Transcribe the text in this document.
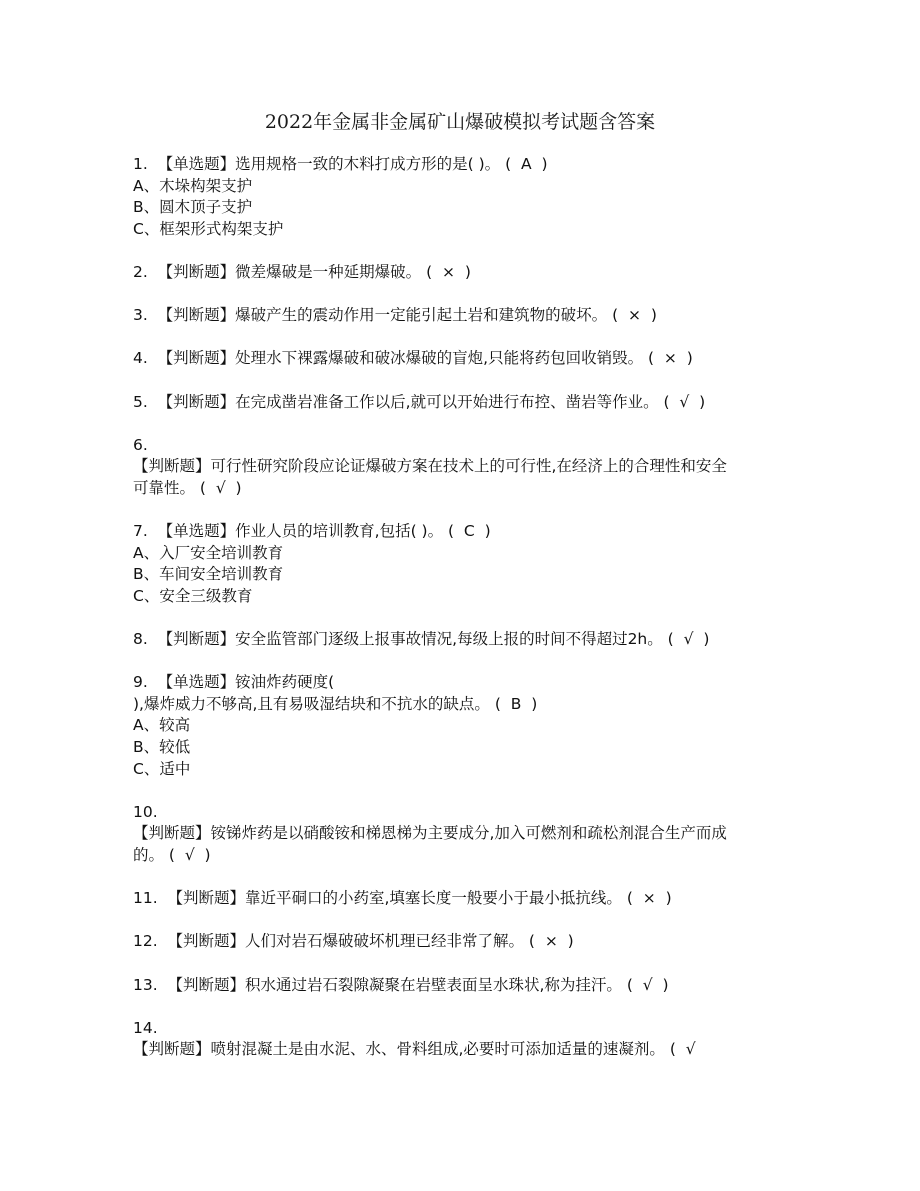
2022年金属非金属矿山爆破模拟考试题含答案
1.  【单选题】选用规格一致的木料打成方形的是( )。 (  A  )
A、木垛构架支护
B、圆木顶子支护
C、框架形式构架支护
2.  【判断题】微差爆破是一种延期爆破。 (  ×  )
3.  【判断题】爆破产生的震动作用一定能引起土岩和建筑物的破坏。 (  ×  )
4.  【判断题】处理水下裸露爆破和破冰爆破的盲炮,只能将药包回收销毁。 (  ×  )
5.  【判断题】在完成凿岩准备工作以后,就可以开始进行布控、凿岩等作业。 (  √  )
6.
【判断题】可行性研究阶段应论证爆破方案在技术上的可行性,在经济上的合理性和安全
可靠性。 (  √  )
7.  【单选题】作业人员的培训教育,包括( )。 (  C  )
A、入厂安全培训教育
B、车间安全培训教育
C、安全三级教育
8.  【判断题】安全监管部门逐级上报事故情况,每级上报的时间不得超过2h。 (  √  )
9.  【单选题】铵油炸药硬度(
),爆炸威力不够高,且有易吸湿结块和不抗水的缺点。 (  B  )
A、较高
B、较低
C、适中
10.
【判断题】铵锑炸药是以硝酸铵和梯恩梯为主要成分,加入可燃剂和疏松剂混合生产而成
的。 (  √  )
11.  【判断题】靠近平硐口的小药室,填塞长度一般要小于最小抵抗线。 (  ×  )
12.  【判断题】人们对岩石爆破破坏机理已经非常了解。 (  ×  )
13.  【判断题】积水通过岩石裂隙凝聚在岩壁表面呈水珠状,称为挂汗。 (  √  )
14.
【判断题】喷射混凝土是由水泥、水、骨料组成,必要时可添加适量的速凝剂。 (  √
